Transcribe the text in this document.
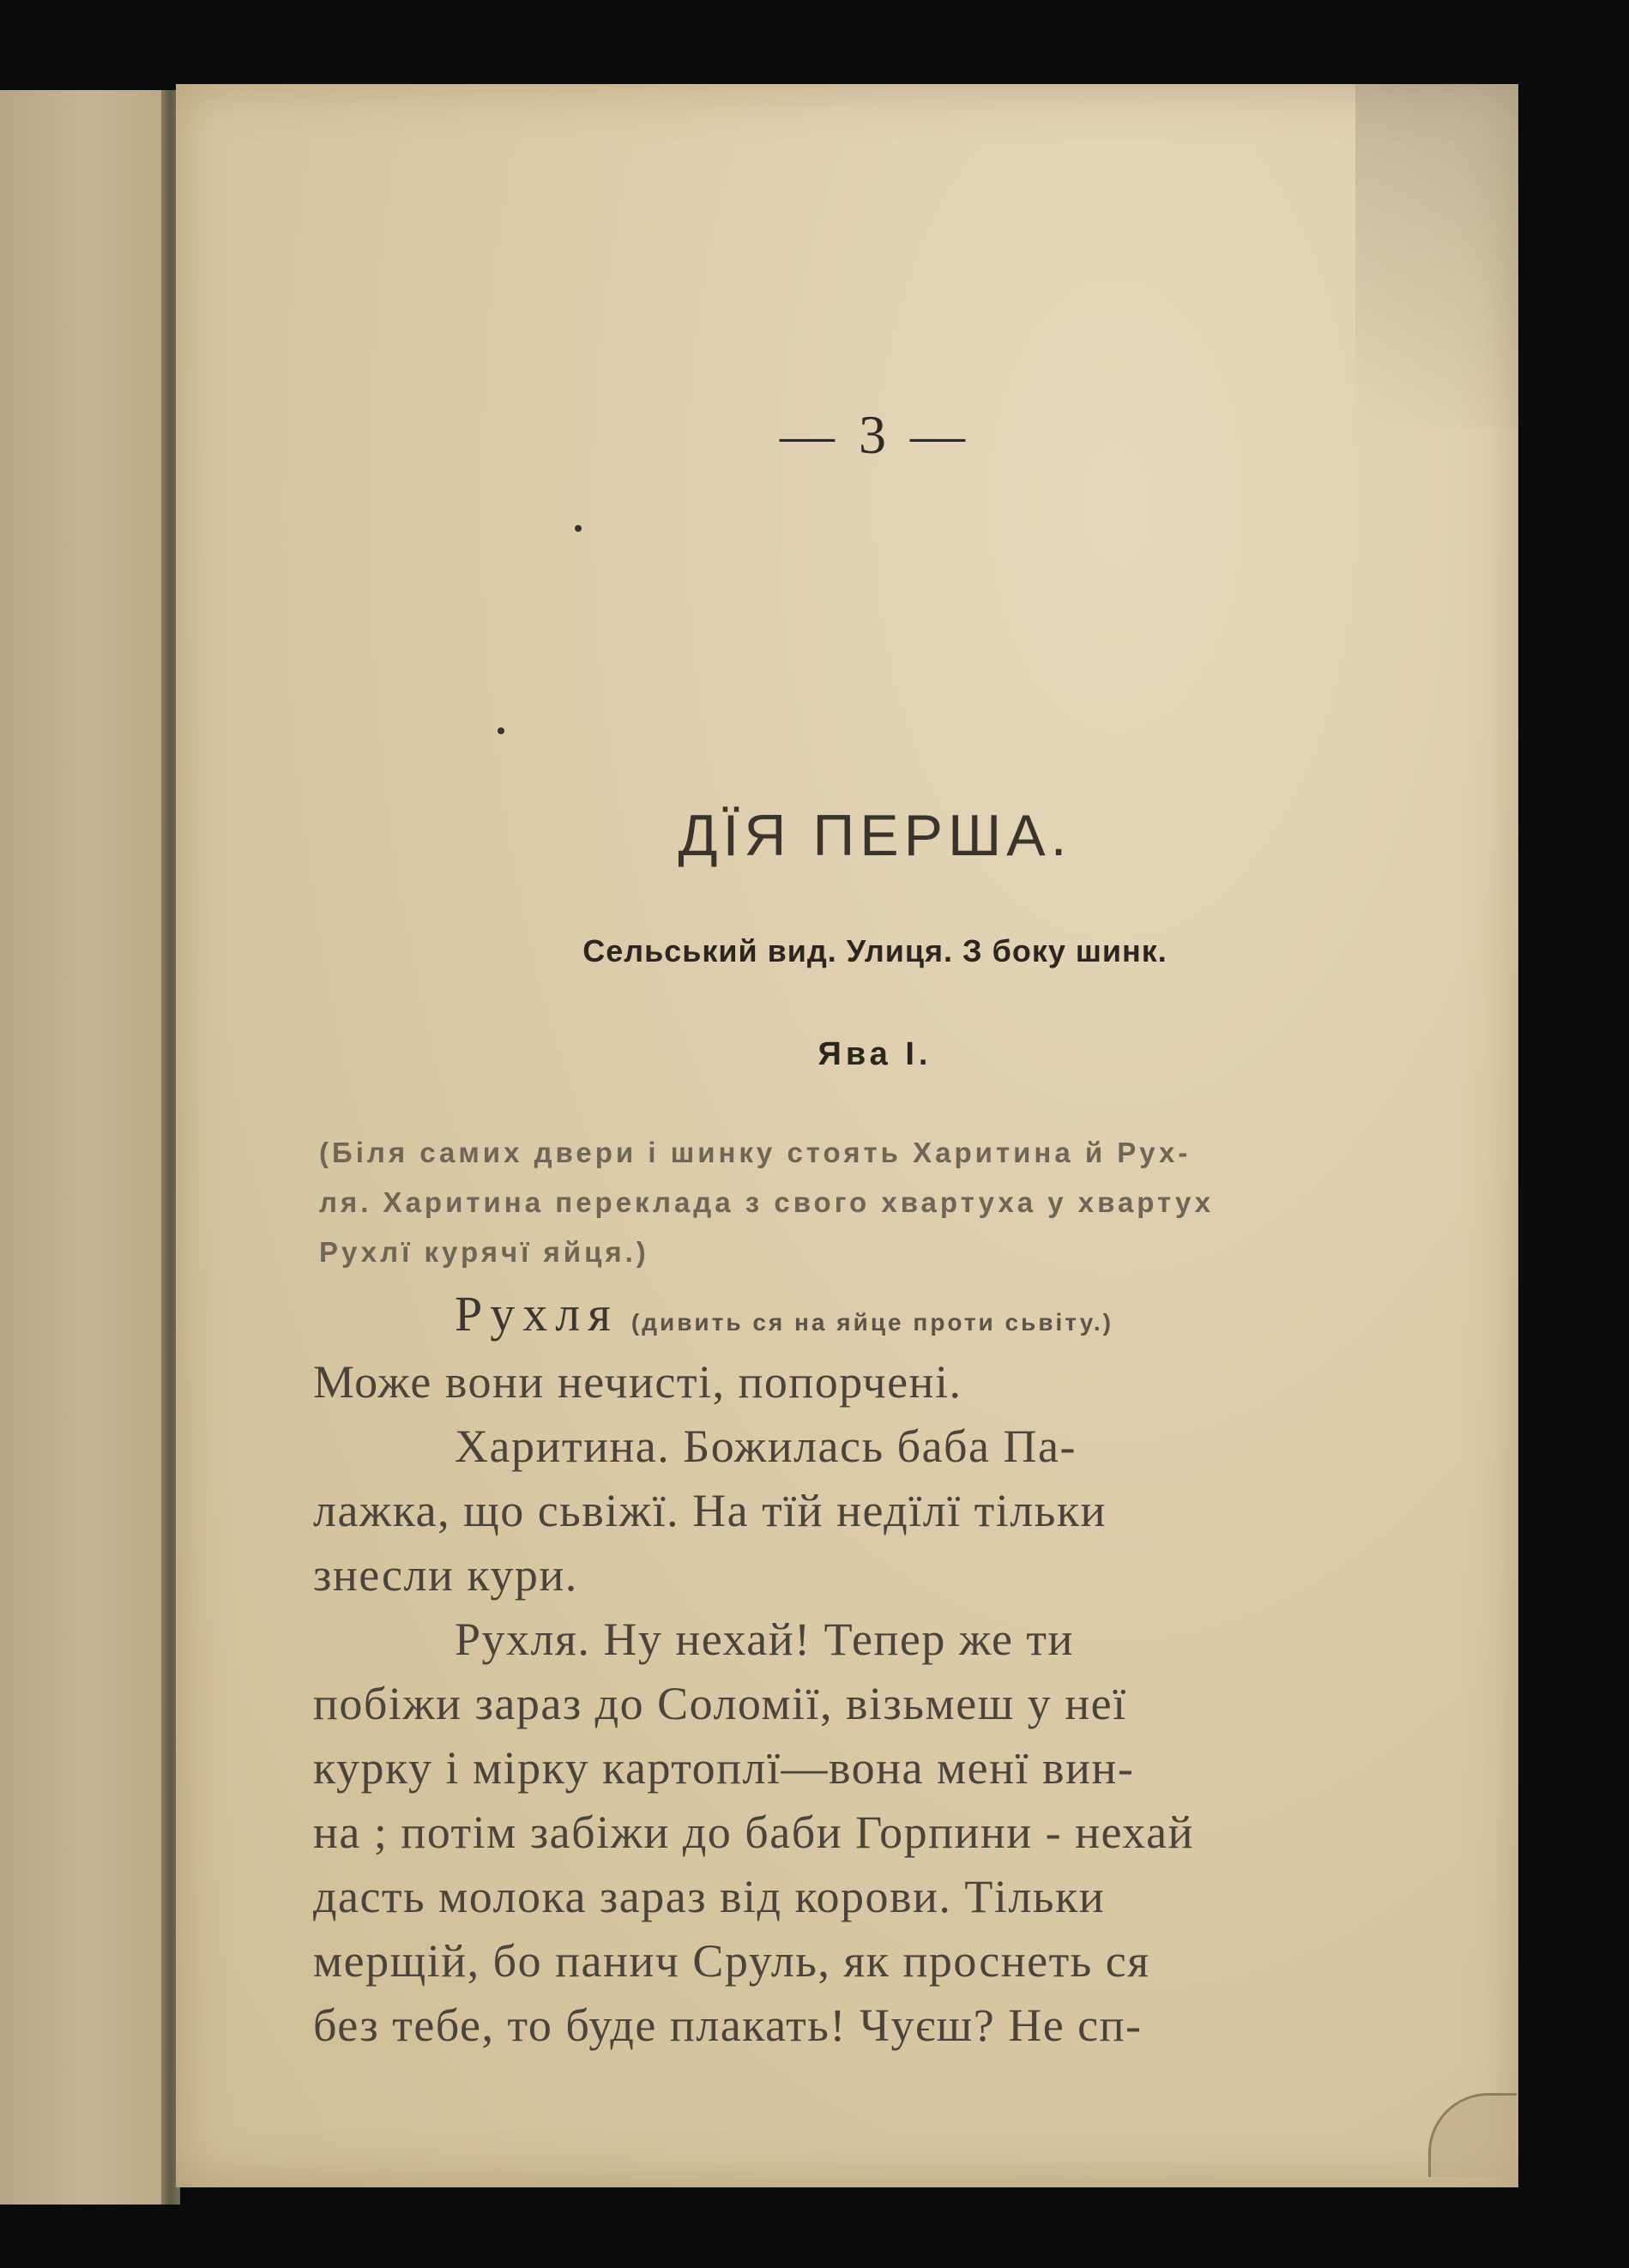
— 3 —
ДЇЯ ПЕРША.
Сельський вид. Улиця. З боку шинк.
Ява І.
(Біля самих двери і шинку стоять Харитина й Рух-
ля. Харитина переклада з свого хвартуха у хвартух
Рухлї курячї яйця.)
Рухля (дивить ся на яйце проти сьвіту.)
Може вони нечисті, попорчені.
Харитина. Божилась баба Па-
лажка, що сьвіжї. На тїй недїлї тільки
знесли кури.
Рухля. Ну нехай! Тепер же ти
побіжи зараз до Соломії, візьмеш у неї
курку і мірку картоплї—вона менї вин-
на ; потім забіжи до баби Горпини - нехай
дасть молока зараз від корови. Тільки
мерщій, бо панич Сруль, як проснеть ся
без тебе, то буде плакать! Чуєш? Не сп-
